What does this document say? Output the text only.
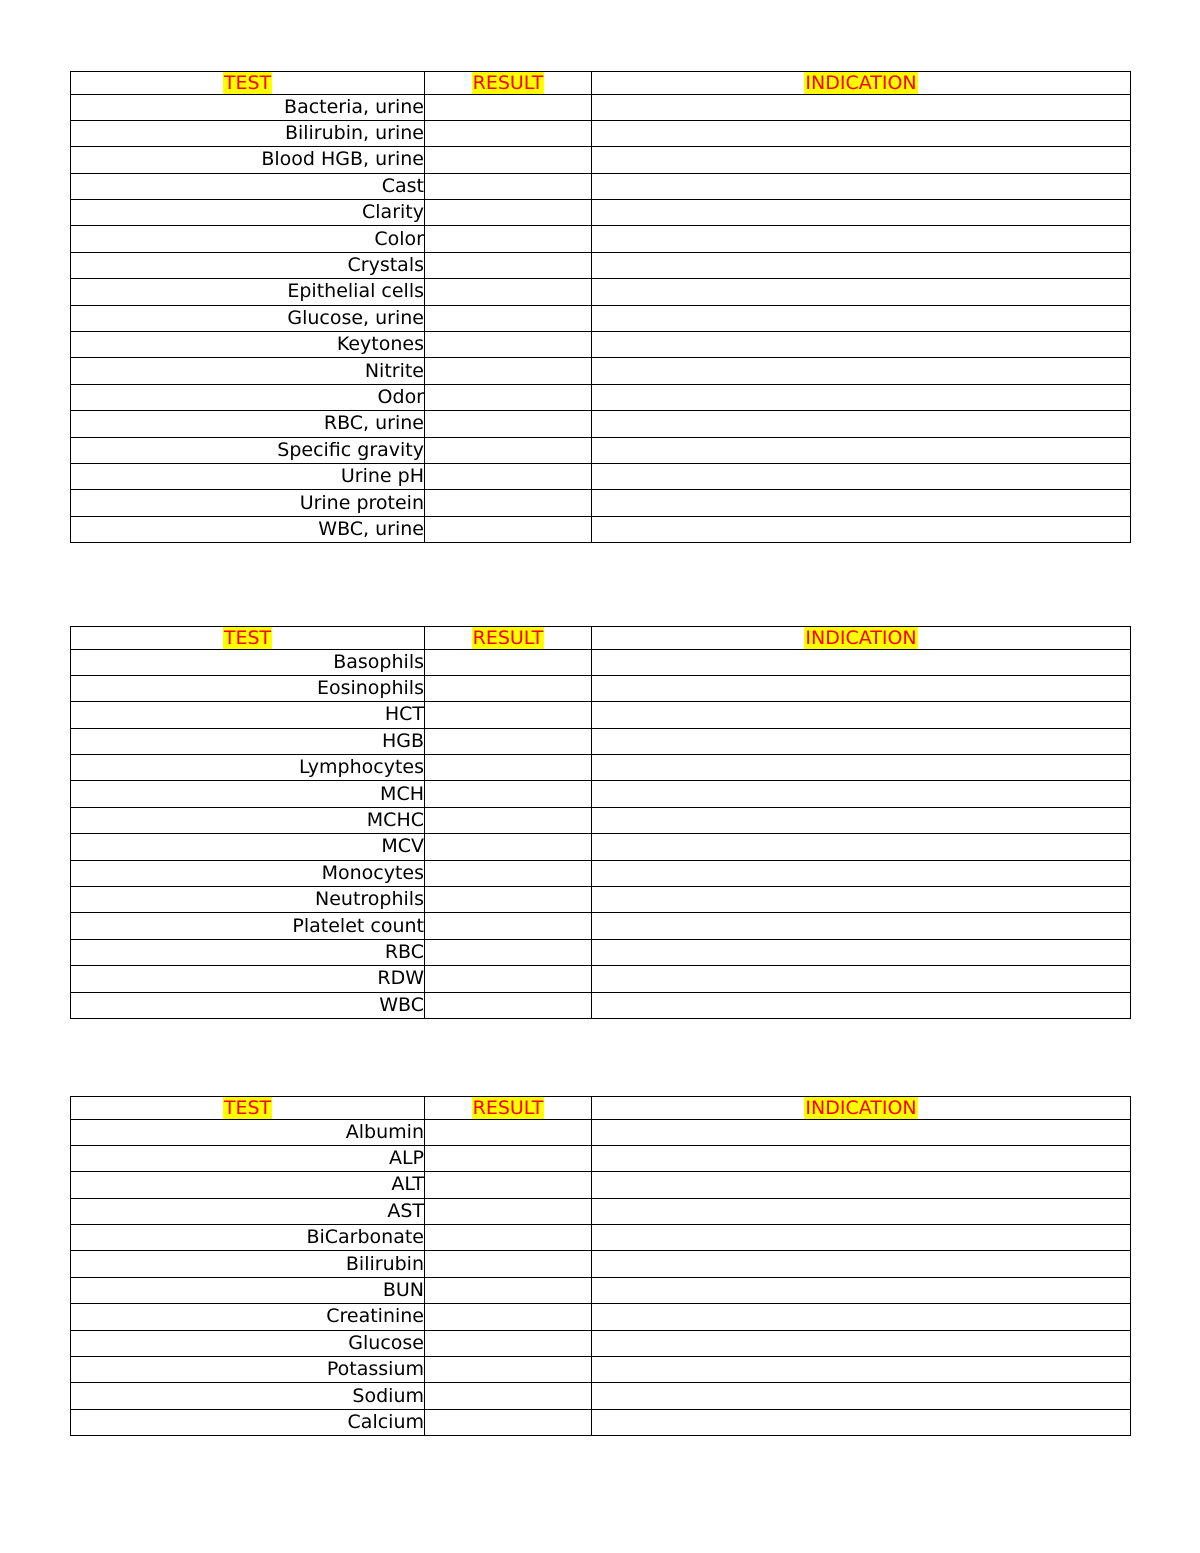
TEST	RESULT	INDICATION
Bacteria, urine		
Bilirubin, urine		
Blood HGB, urine		
Cast		
Clarity		
Color		
Crystals		
Epithelial cells		
Glucose, urine		
Keytones		
Nitrite		
Odor		
RBC, urine		
Specific gravity		
Urine pH		
Urine protein		
WBC, urine		
TEST	RESULT	INDICATION
Basophils		
Eosinophils		
HCT		
HGB		
Lymphocytes		
MCH		
MCHC		
MCV		
Monocytes		
Neutrophils		
Platelet count		
RBC		
RDW		
WBC		
TEST	RESULT	INDICATION
Albumin		
ALP		
ALT		
AST		
BiCarbonate		
Bilirubin		
BUN		
Creatinine		
Glucose		
Potassium		
Sodium		
Calcium		
